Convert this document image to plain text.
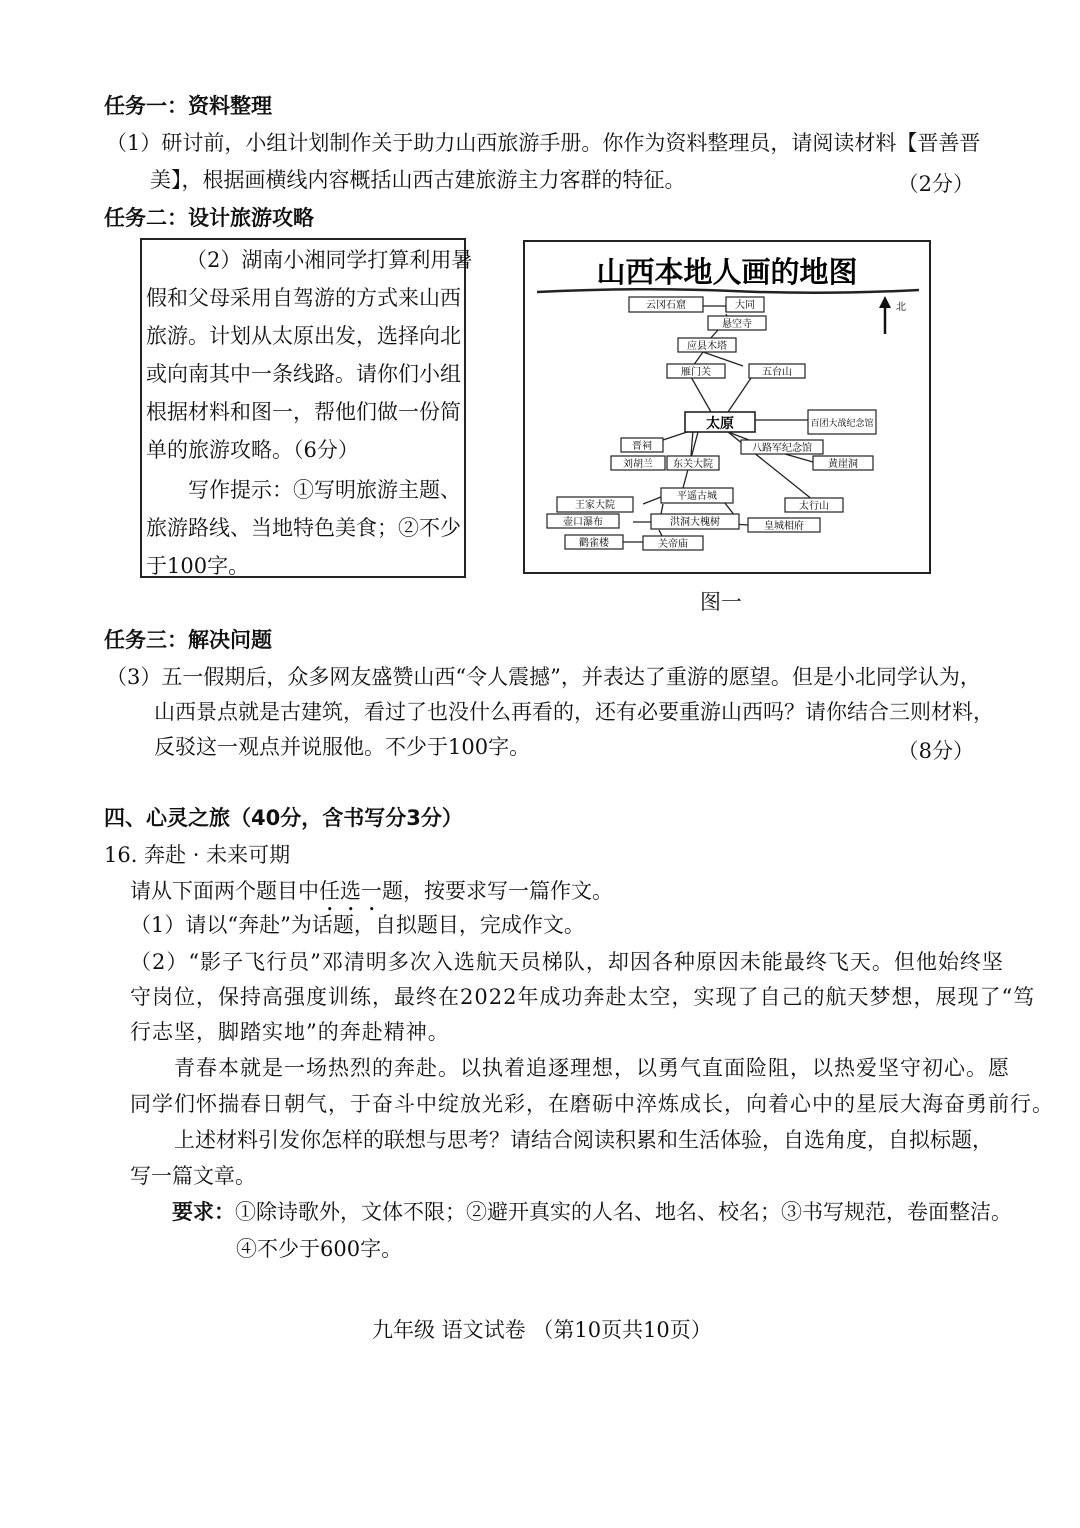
任务一：资料整理
（1）研讨前，小组计划制作关于助力山西旅游手册。你作为资料整理员，请阅读材料【晋善晋
美】，根据画横线内容概括山西古建旅游主力客群的特征。	（2分）
任务二：设计旅游攻略
（2）湖南小湘同学打算利用暑
假和父母采用自驾游的方式来山西
旅游。计划从太原出发，选择向北
或向南其中一条线路。请你们小组
根据材料和图一，帮他们做一份简
单的旅游攻略。（6分）
写作提示：①写明旅游主题、
旅游路线、当地特色美食；②不少
于100字。
山西本地人画的地图
北
云冈石窟	大同
悬空寺
应县木塔
雁门关	五台山
太原	百团大战纪念馆
晋祠	八路军纪念馆
刘胡兰 东关大院	黄崖洞
平遥古城
太行山
王家大院
壶口瀑布	洪洞大槐树	皇城相府
鹳雀楼	关帝庙
图一
任务三：解决问题
（3）五一假期后，众多网友盛赞山西“令人震撼”，并表达了重游的愿望。但是小北同学认为，
山西景点就是古建筑，看过了也没什么再看的，还有必要重游山西吗？请你结合三则材料，
反驳这一观点并说服他。不少于100字。	（8分）
四、心灵之旅（40分，含书写分3分）
16. 奔赴 · 未来可期
请从下面两个题目中任选一题，按要求写一篇作文。
（1）请以“奔赴”为话题，自拟题目，完成作文。
（2）“影子飞行员”邓清明多次入选航天员梯队，却因各种原因未能最终飞天。但他始终坚
守岗位，保持高强度训练，最终在2022年成功奔赴太空，实现了自己的航天梦想，展现了“笃
行志坚，脚踏实地”的奔赴精神。
青春本就是一场热烈的奔赴。以执着追逐理想，以勇气直面险阻，以热爱坚守初心。愿
同学们怀揣春日朝气，于奋斗中绽放光彩，在磨砺中淬炼成长，向着心中的星辰大海奋勇前行。
上述材料引发你怎样的联想与思考？请结合阅读积累和生活体验，自选角度，自拟标题，
写一篇文章。
要求：①除诗歌外，文体不限；②避开真实的人名、地名、校名；③书写规范，卷面整洁。
④不少于600字。
九年级 语文试卷 （第10页共10页）
